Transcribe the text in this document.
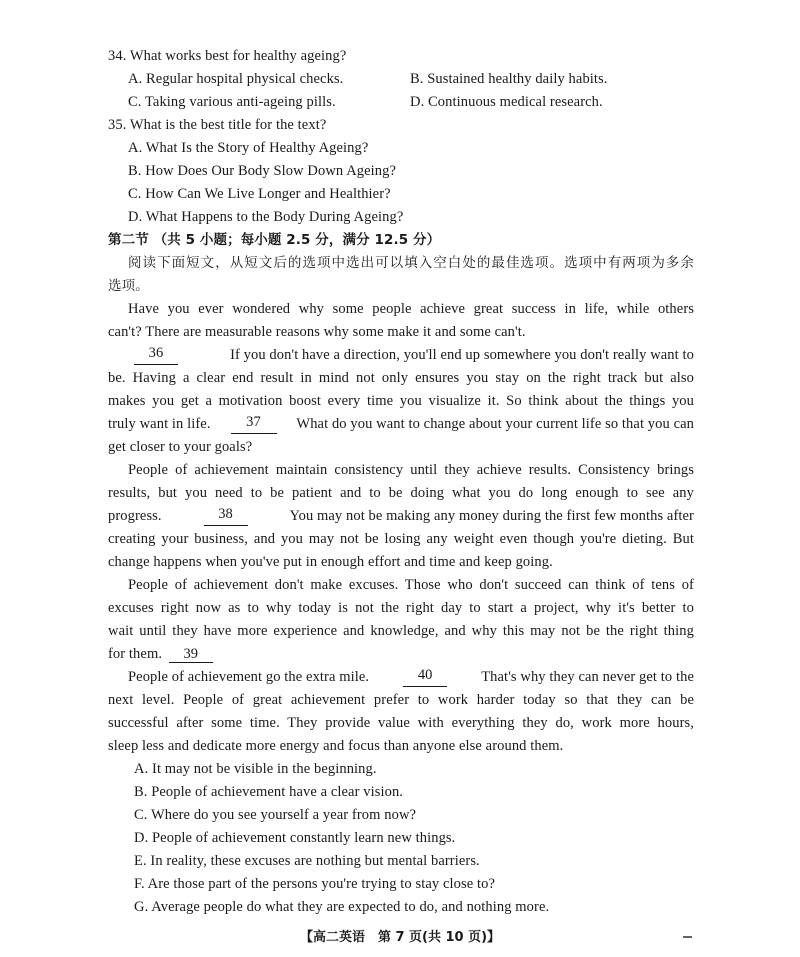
34. What works best for healthy ageing?
A. Regular hospital physical checks.	B. Sustained healthy daily habits.
C. Taking various anti-ageing pills.	D. Continuous medical research.
35. What is the best title for the text?
A. What Is the Story of Healthy Ageing?
B. How Does Our Body Slow Down Ageing?
C. How Can We Live Longer and Healthier?
D. What Happens to the Body During Ageing?
第二节 （共 5 小题；每小题 2.5 分，满分 12.5 分）
阅读下面短文，从短文后的选项中选出可以填入空白处的最佳选项。选项中有两项为多余
选项。
Have you ever wondered why some people achieve great success in life, while others
can't? There are measurable reasons why some make it and some can't.
36	If you don't have a direction, you'll end up somewhere you don't really want to
be. Having a clear end result in mind not only ensures you stay on the right track but also
makes you get a motivation boost every time you visualize it. So think about the things you
truly want in life.	37	What do you want to change about your current life so that you can
get closer to your goals?
People of achievement maintain consistency until they achieve results. Consistency brings
results, but you need to be patient and to be doing what you do long enough to see any
progress.	38	You may not be making any money during the first few months after
creating your business, and you may not be losing any weight even though you're dieting. But
change happens when you've put in enough effort and time and keep going.
People of achievement don't make excuses. Those who don't succeed can think of tens of
excuses right now as to why today is not the right day to start a project, why it's better to
wait until they have more experience and knowledge, and why this may not be the right thing
for them. 39
People of achievement go the extra mile.	40	That's why they can never get to the
next level. People of great achievement prefer to work harder today so that they can be
successful after some time. They provide value with everything they do, work more hours,
sleep less and dedicate more energy and focus than anyone else around them.
A. It may not be visible in the beginning.
B. People of achievement have a clear vision.
C. Where do you see yourself a year from now?
D. People of achievement constantly learn new things.
E. In reality, these excuses are nothing but mental barriers.
F. Are those part of the persons you're trying to stay close to?
G. Average people do what they are expected to do, and nothing more.
【高二英语　第 7 页(共 10 页)】
